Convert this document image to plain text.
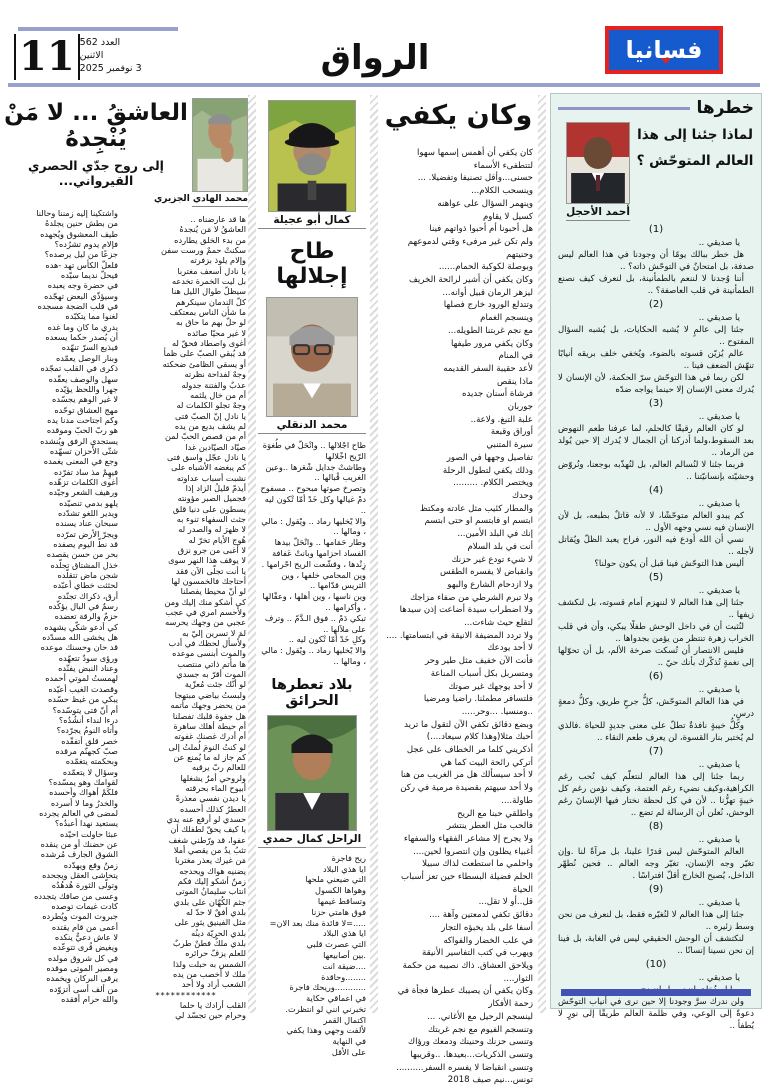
11 العدد 562
الاثنين
3 نوفمبر 2025	الرواق	فسانيا
خطرها
لماذا جئنا إلى هذا
العالم المتوحّش ؟
أحمد الأحجل
(1)
يا صديقي ..
هل خطر ببالك يومًا أن وجودنا في هذا العالم ليس صدفة، بل امتحانٌ في التوحّش ذاته؟ ..
أننا وُجدنا لا لننعم بالطمأنينة، بل لنعرف كيف نصنع الطمأنينة في قلب العاصفة؟ ..
(2)
يا صديقي ..
جئنا إلى عالمٍ لا يُشبه الحكايات، بل يُشبه السؤال المفتوح ..
عالم يُزيّن قسوته بالضوء، ويُخفي خلف بريقه أنيابًا تنهّش الضعف فينا ..
لكن ربما في هذا التوحّش سرّ الحكمة، لأن الإنسان لا يُدرك معنى الإنسان إلا حينما يواجه ضدّه
(3)
يا صديقي ..
لو كان العالم رقيقًا كالحلم، لما عرفنا طعم النهوض بعد السقوط،ولما أدركنا أن الجمال لا يُدرك إلا حين يُولد من الرماد ..
فربما جئنا لا لنُسالم العالم، بل لنُهذّبه بوجعنا، ونُروّض وحشيّته بإنسانيّتنا ..
(4)
يا صديقي ..
كم يبدو العالم متوحّشًا، لا لأنه قاتلٌ بطبعه، بل لأن الإنسان فيه نسي وجهه الأول ..
نسي أن الله أودع فيه النور، فراح يعبد الظلّ ويُقاتل لأجله ..
أليس هذا التوحّش فينا قبل أن يكون حولنا؟
(5)
يا صديقي ..
جئنا إلى هذا العالم لا لننهزم أمام قسوته، بل لنكشف زيفها ..
لنُثبت أن في داخل الوحش طفلًا يبكي، وأن في قلب الخراب زهرة تنتظر من يؤمن بجدواها ..
فليس الانتصار أن تُسكت صرخة الألم، بل أن تحوّلها إلى نغمةٍ تُذكّرك بأنك حيّ ..
(6)
يا صديقي ..
في هذا العالم المتوحّش، كلُّ جرحٍ طريق، وكلُّ دمعةٍ درسٍ،
وكلُّ خيبةٍ نافذةٌ تطلّ على معنى جديدٍ للحياة .فالذي لم يُختبر بنار القسوة، لن يعرف طعم النقاء ..
(7)
يا صديقي ..
ربما جئنا إلى هذا العالم لنتعلّم كيف نُحب رغم الكراهية،وكيف نضيء رغم العتمة، وكيف نؤمن رغم كل خيبةٍ تهزُّنا .. لأن في كل لحظة نختار فيها الإنسانَ رغم الوحش، نُعلن أن الرسالة لم تضع ..
(8)
يا صديقي ..
العالم المتوحّش ليس قدرًا علينا، بل مرآةً لنا .وإن تغيّر وجه الإنسان، تغيّر وجه العالم .. فحين نُطهّر الداخل، يُصبح الخارج أقلّ افتراسًا .
(9)
يا صديقي ..
جئنا إلى هذا العالم لا لنُغيّره فقط، بل لنعرف من نحن وسط زئيره ..
لنكتشف أن الوحش الحقيقي ليس في الغابة، بل فينا إن نحن نسينا إنسانًا ..
(10)
يا صديقي ..
ولن ندرك سرَّ وجودنا إلا حين نرى في أنياب التوحّش دعوةً إلى الوعي، وفي ظلمة العالم طريقًا إلى نورٍ لا يُطفأ ..
وكان يكفي
كان يكفي أن أهمس إسمها سهوا
لتتطفىء الأسماء
حسنى...وأقل تصنيفا وتفضيلا. ...
وينسحب الكلام...
وينهمر السؤال على عواهنه
كسيل لا يقاوم
هل أحبونا أم أحبوا ذواتهم فينا
ولم تكن غير مرفىء وقتي لدموعهم وحنيتهم
وبوصلة لكوكبة الحمام......
وكان يكفي أن أشير لرائحة الخريف
ليزهر الرمان قبيل أوانه...
وتتدلع الورود خارج فصلها
وينسجم الغمام
مع نجم غربتنا الطويله...
وكان يكفي مرور طيفها
في المنام
لأعد حقيبة السفر القديمه
ماذا ينقص
فرشاة أسنان جديده
جوربان
علبة التبغ. ولاعة..
أوراق وقبعة
سيرة المتنبي
تفاصيل وجهها في الصور
وذلك يكفي لتطول الرحلة
ويختصر الكلام. .........
وحدك
والمطار كئيب مثل عادته ومكتظ
ابتسم او فابتسم او حتى ابتسم
إنك في البلد الأمين...
أنت في بلد السلام
لا شيء تودع غير حزنك
وانقباض لا يفسره الطقس
ولا ازدحام الشارع والبهو
ولا تبرم الشرطي من صفاء مزاجك
ولا اضطراب سيدة أضاعت إذن سيدها
لتقلع حيث شاءت...
ولا تردد المضيفة الانيقة في ابتسامتها. ....
لا أحد يودعك
فأنت الآن خفيف مثل طير وحر
ومتسربل بكل أسباب المناعة
لا أحد يوجهك غير صوتك
فلتسافر مطمئنا. راضيا ومرضيا
..ومنسيا. ...وحر.....
وبضع دقائق تكفي الآن لتقول ما تريد
أحبك مثلا(وهذا كلام سيعاد....)
أذكريني كلما مر الخطاف على عجل
أتركي رائحة البيت كما هي
لا أحد سيسألك هل مر الغريب من هنا
ولا أحد سيهتم بقصيدة مرمية في ركن طاولة....
واطلقي حبنا مع الريح
فالحب مثل العطر ينتشر
ولا يجرح إلا مشاعر الفقهاء والسفهاء
أغبياء يظلون وإن انتصروا لحين....
واحلمي ما استطعت لذاك سبيلا
الحلم فضيلة البسطاء حين تعز أسباب الحياة
قل..أو لا تقل...
دقائق تكفي لدمعتين وآهة ....
أسفا على بلد يخبؤه التجار
في علب الخضار والفواكه
ويهرب في كتب التفاسير الأنيقة
ويلاحق العشاق. ذاك نصيبه من حكمة الثوار....
وكان يكفي أن يصيبك عطرها فجأة في زحمة الأفكار
لينسجم الرحيل مع الأغاني. ...
وتنسجم الفيوم مع نجم غربتك
وتنسى حزنك وحنينك ودمعك ورؤاك
وتنسى الذكريات...بعيدها. ..وقريبها
وتنسى انقباضا لا يفسره السفر..........
تونس...نيم صيف 2018
كمال أبو عجيلة
طاح إجلالها
محمد الدنقلي
طاح اجْلالها .. وانْحَلّ في طُغوَة الرّيح اخْلالها
وطاشتْ جدايل شْعَرها ..وعين الغريب قْبالها ..
وتصرخ صوتها مبحوح .. مسفوح دمْ غيالها وكل خَدْ أمّا تْكون ليه ..
والا يْخليها رماد .. ويْقول : مالي ، ومالها ..
وطار حَمَامها .. وانْحَلّ بيدها الفساد احزامها وبانتْ عَفافة زِنْدها ، وقشّعت الريح احْرامها .
وين المحامي خلفها ، وين التريس قدّامها ..
وين ناسها ، وين أهلها ، وعقّالها ، وأكرامها ..
تبكي دَمْ .. فوق الـدَّمّ .. وترف على ملآلها ..
وكلِ خَدْ أمّا تْكون ليه ..
والا يْخليها رماد .. ويْقول : مالي ، ومالها ..
بلاد تعطرها الحرائق
الراحل كمال حمدي
ريح فاجرة
ايا هذي البلاد
التي ضيعني ملحها
وهواها الكسول
وتساقط غيمها
فوق هامتي حزنا
.....=لا فائدة منك بعد الان=
ايا هذي البلاد
التي عصرت قلبي
.بين أصابيعها
....ضيقة انت
........وحاقدة
............وريحك فاجرة
في اعماقي حكاية
تخبرني انني لو انتظرت.
اكتمال القمر
لألفت وجهي وهذا يكفي
في النهاية
على الأقل
العاشقُ ... لا مَنْ يُنْجِدهُ
إلى روح جدّي الحصري القيرواني...
محمد الهادي الجزيري
ها قد عارضناه ..
العاشقُ لا مَن يُنجدهُ
من بدء الخلق يطارده
سكنتْ حممٌ ورست سفن
وإلام يلوذ بزفرته
يا نادل أسعف مغتربا
بل ليت الخمرة تخدعه
سيظلّ طوال الليل هنا
كلّ الندمان سينكرهم
ما شأن الناس بمعتكف
لو حلّ بهم ما حاق به
لا غير محيّا صائده
أغوى واصطاد فحقّ له
قد يُبقي الصبّ على ظمأ
أو يسقي الظامئ ضحكته
وجهٌ لفداحة نظرته
عذبٌ والفتنة جدوله
أم من خال يلثمه
وجهٌ تجلو الكلمات له
يا نادل إنّ الصبّ فتى
لم يشف بديع من يده
أم من قصص الحبّ لمن
صيّاد الصيّادين غدا
يا نادل عجّل واسق فتى
كم يبغضه الأشباه على
نشبت أسباب عداوته
أيذمّ قليلُ الزاد إذا
فجميل الصبر مؤونته
يسطون على دنيا قلق
جثث السفهاء تنوء به
لا ظهرَ له والصدر له
هُوج الأيام تخرّ له
لا أغبى من جرو نزق
لا يوقف هذا النهر سوى
يا أنت تجلّى الآن فقد
أحتاجك فالخمسون لها
لو أنّ محيطا يفصلنا
كي أشكو منك إليك ومن
ولأحسم امري في عجب
عجبي من وجهك يحرسه
لمَ لا تسرين إليّ به
ولأسأل لحظك في أدب
والموت أبنسى موعده
ها مأتم ذاتي منتصب
الموت أقرّ به جسدي
لو أنّك جئت مُعزّية
ولبستُ بياضي مبتهجا
من يحضر وجهك مأتمه
هل جفوة قلبك تفصلنا
أم حيطة أهلك ساهرة
أم أدرك غصنك غفوته
لو كنتُ النومَ لُملتُ إلى
كم جاز له ما يُمنع عن
للعالم ربّ يرقبه
ولروحي أمرٌ يشغلها
أبيوح الماء بحرقته
يا ديدن نفسي معذرةً
العطرُ كذلك أحسده
حسدي لو أرفع عنه يدي
يا كيف يحقّ لطفلك أن
عفوا، قد ورّطني شغف
تثبُ يدُ من يقصي أملا
مَن غيرك يعذر مغتربا
يضنيه هواك ويحدجه
زمنٌ أشكو إليك فكم
انتاب سليمانُ الموتى
جثم الكُهّان على بلدي
بلدي أفقٌ لا حدّ له
مثل الفينيق يثور على
بلدي الحريّة دينُه
بلدي ملكٌ فطنٌ طربٌ
للعلم يزفّ حرائره
الشمس به حبلت ولذا
ملك لا أخصب من يده
الشعب أراد ولا أحد
************
القلب أرادك يا حلما
وحرام حين تجسّد لي
واشتكينا إليه زمننا وحالنا
من بطش حنين يجلدهُ
طيف المعشوق ويُجهده
فإلام يدوم تشرُده؟
جزعًا من ليل يرصده؟
فلعلّ الكأس تهد -هده
فيحلّ نديما سيّده
في حضرة وجه يعبده
وسيؤذّي البعض تهجّده
في قلب الضجة مسجده
لغنوا مما يتكبّده
يدري ما كان وما غده
أن يُصدر حكما يسعده
فيذيع السرّ تنهّده
وبنار الوصل يعمّده
ذكرى في القلب تمجّده
سهل والوصف يعقّده
جهرا واللحظ يؤيّده
لا غير الوهم يجسّده
مهج العشاق توحّده
وكم اجتاحت مدنا يده
هو ربّ الحبّ وموقده
يستجدي الرفق ويُنشده
شتّى الأحزان تسهّده
وجع في المعنى يغمده
فيهِمْ مذ ساد تفرّده
أغوى الكلمات تزهّده
ورهيف الشعر وجيّده
يلهو بدمي تنصيّده
ويدير اللغو تشدّده
سبحان عناد يسنده
ويجرّ الأرض تمرّده
قد نطّ اليوم يصفده
بحر من حسن يقصده
خذل المشتاق تجلّده
شجن ماض تتقلّده
لحثثت خطاي أعبّده
أرق، ذكراك تجنّده
رسمٌ في البال يؤكّده
حزمٌ والرقة تعضده
كي أدعو شكّي يشهده
هل يخشى الله مسدّده
قد حان وحسنك موعده
ورؤى سودٌ تتعهّده
وعناد النبض يفنّده
لهمستُ لموتي أحمده
وقصدت الغيب أعيّده
يبكي من غيظ حسّده
أم أنّ فتى يتوسّده؟
درءا لنداء أنشُدُه؟
وأتاه النومُ يجرّده؟
خصر قلق أتفقّده
صبّ كجهنّم مرقده
وبحكمته يتغمّده
وسؤال لا يتعمّده
لقوامك وهو يمسّده؟
فلكَمْ أهواك وأحسده
والخدرُ وما لا أسرده
لمضى في العالم يجرده
يستعيد نهدا أعبدُه؟
عبثا حاولت احيّده
عن حضنك أو من ينقده
الشوق الجارف مُرشده
زمنٌ وقع ويهدّده
يتحاشى العقل ويجحده
وتولّى الثورة هُدهُدُه
وعسى من صافك يتجدده
كادت غيمات توصده
جبروت الموت ويُطرده
أعمى من قام يقتده
لا عاش دعيٌّ ينكده
ويغيض قُرى تتوعّده
في كل شروق مولده
ومصير الموتى موقده
يرقى البركان ويخمده
من ألف أسى أتزوّده
والله حرام أفقده
